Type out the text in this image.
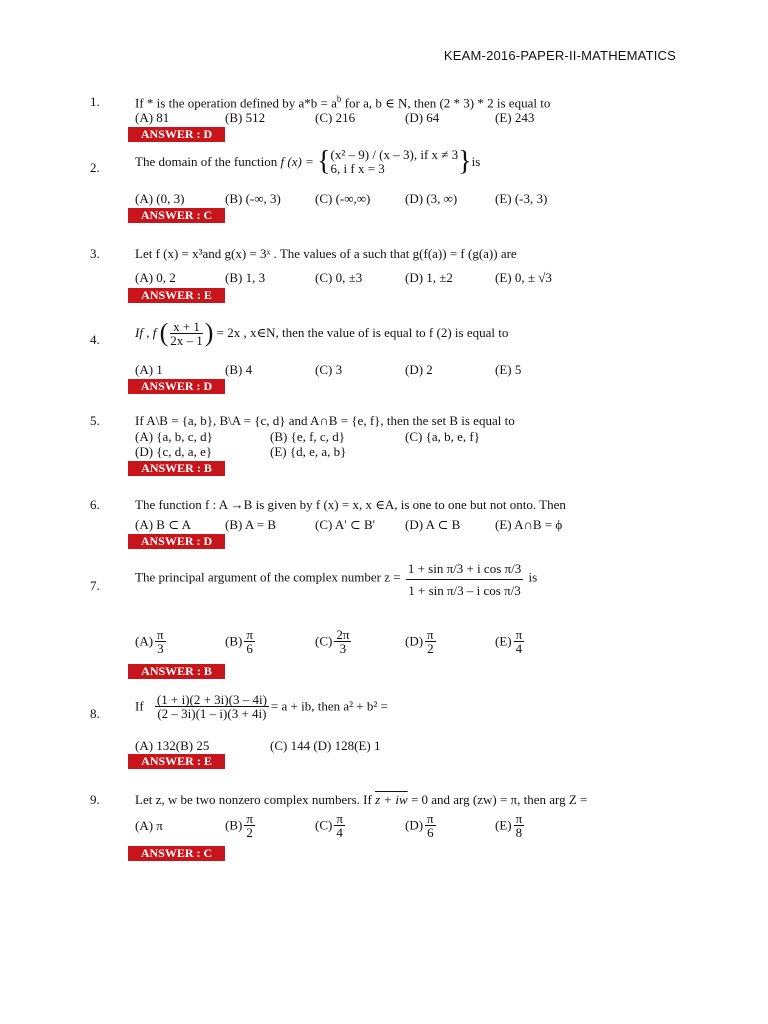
KEAM-2016-PAPER-II-MATHEMATICS
1.	If * is the operation defined by $a*b = a^b$ for a, b ∈ N, then (2 * 3) * 2 is equal to
(A) 81	(B) 512	(C) 216	(D) 64	(E) 243
ANSWER : D
2.	The domain of the function f (x) = { (x² – 9) / (x – 3), if x ≠ 3
6, i f x = 3	}is
(A) (0, 3)	(B) (-∞, 3)	(C) (-∞,∞)	(D) (3, ∞)	(E) (-3, 3)
ANSWER : C
3.	Let f (x) = x³and g(x) = 3ˣ . The values of a such that g(f(a)) = f (g(a)) are
(A) 0, 2	(B) 1, 3	(C) 0, ±3	(D) 1, ±2	(E) 0, ± √3
ANSWER : E
4.	If , f ( $\frac{x + 1}{2x - 1}$ ) = 2x , x∈N, then the value of is equal to f (2) is equal to
(A) 1	(B) 4	(C) 3	(D) 2	(E) 5
ANSWER : D
5.	If A\B = {a, b}, B\A = {c, d} and A∩B = {e, f}, then the set B is equal to
(A) {a, b, c, d}	(B) {e, f, c, d}	(C) {a, b, e, f}
(D) {c, d, a, e}	(E) {d, e, a, b}
ANSWER : B
6.	The function f : A →B is given by f (x) = x, x ∈A, is one to one but not onto. Then
(A) B ⊂ A	(B) A = B	(C) A' ⊂ B' (D) A ⊂ B	(E) A∩B = ϕ
ANSWER : D
7.
The principal argument of the complex number $z = \frac{\text{1 + sin π/3 + i cos π/3}}{\text{1 + sin π/3 – i cos π/3}}$ is
$(A) \frac{\pi}{3}$	$(B) \frac{\pi}{6}$	$(C) \frac{2\pi}{3}$	$(D) \frac{\pi}{2}$	$(E) \frac{\pi}{4}$
ANSWER : B
8.	If $\frac{(1 + i)(2 + 3i)(3 - 4i)}{(2 - 3i)(1 - i)(3 + 4i)} = a$ + ib, then a² + b² =
(A) 132(B) 25	(C) 144 (D) 128(E) 1
ANSWER : E
9.	Let z, w be two nonzero complex numbers. If z + iw = 0 and arg (zw) = π, then arg Z =
(A) π	$(B) \frac{\pi}{2}$	$(C) \frac{\pi}{4}$	$(D) \frac{\pi}{6}$	$(E) \frac{\pi}{8}$
ANSWER : C
